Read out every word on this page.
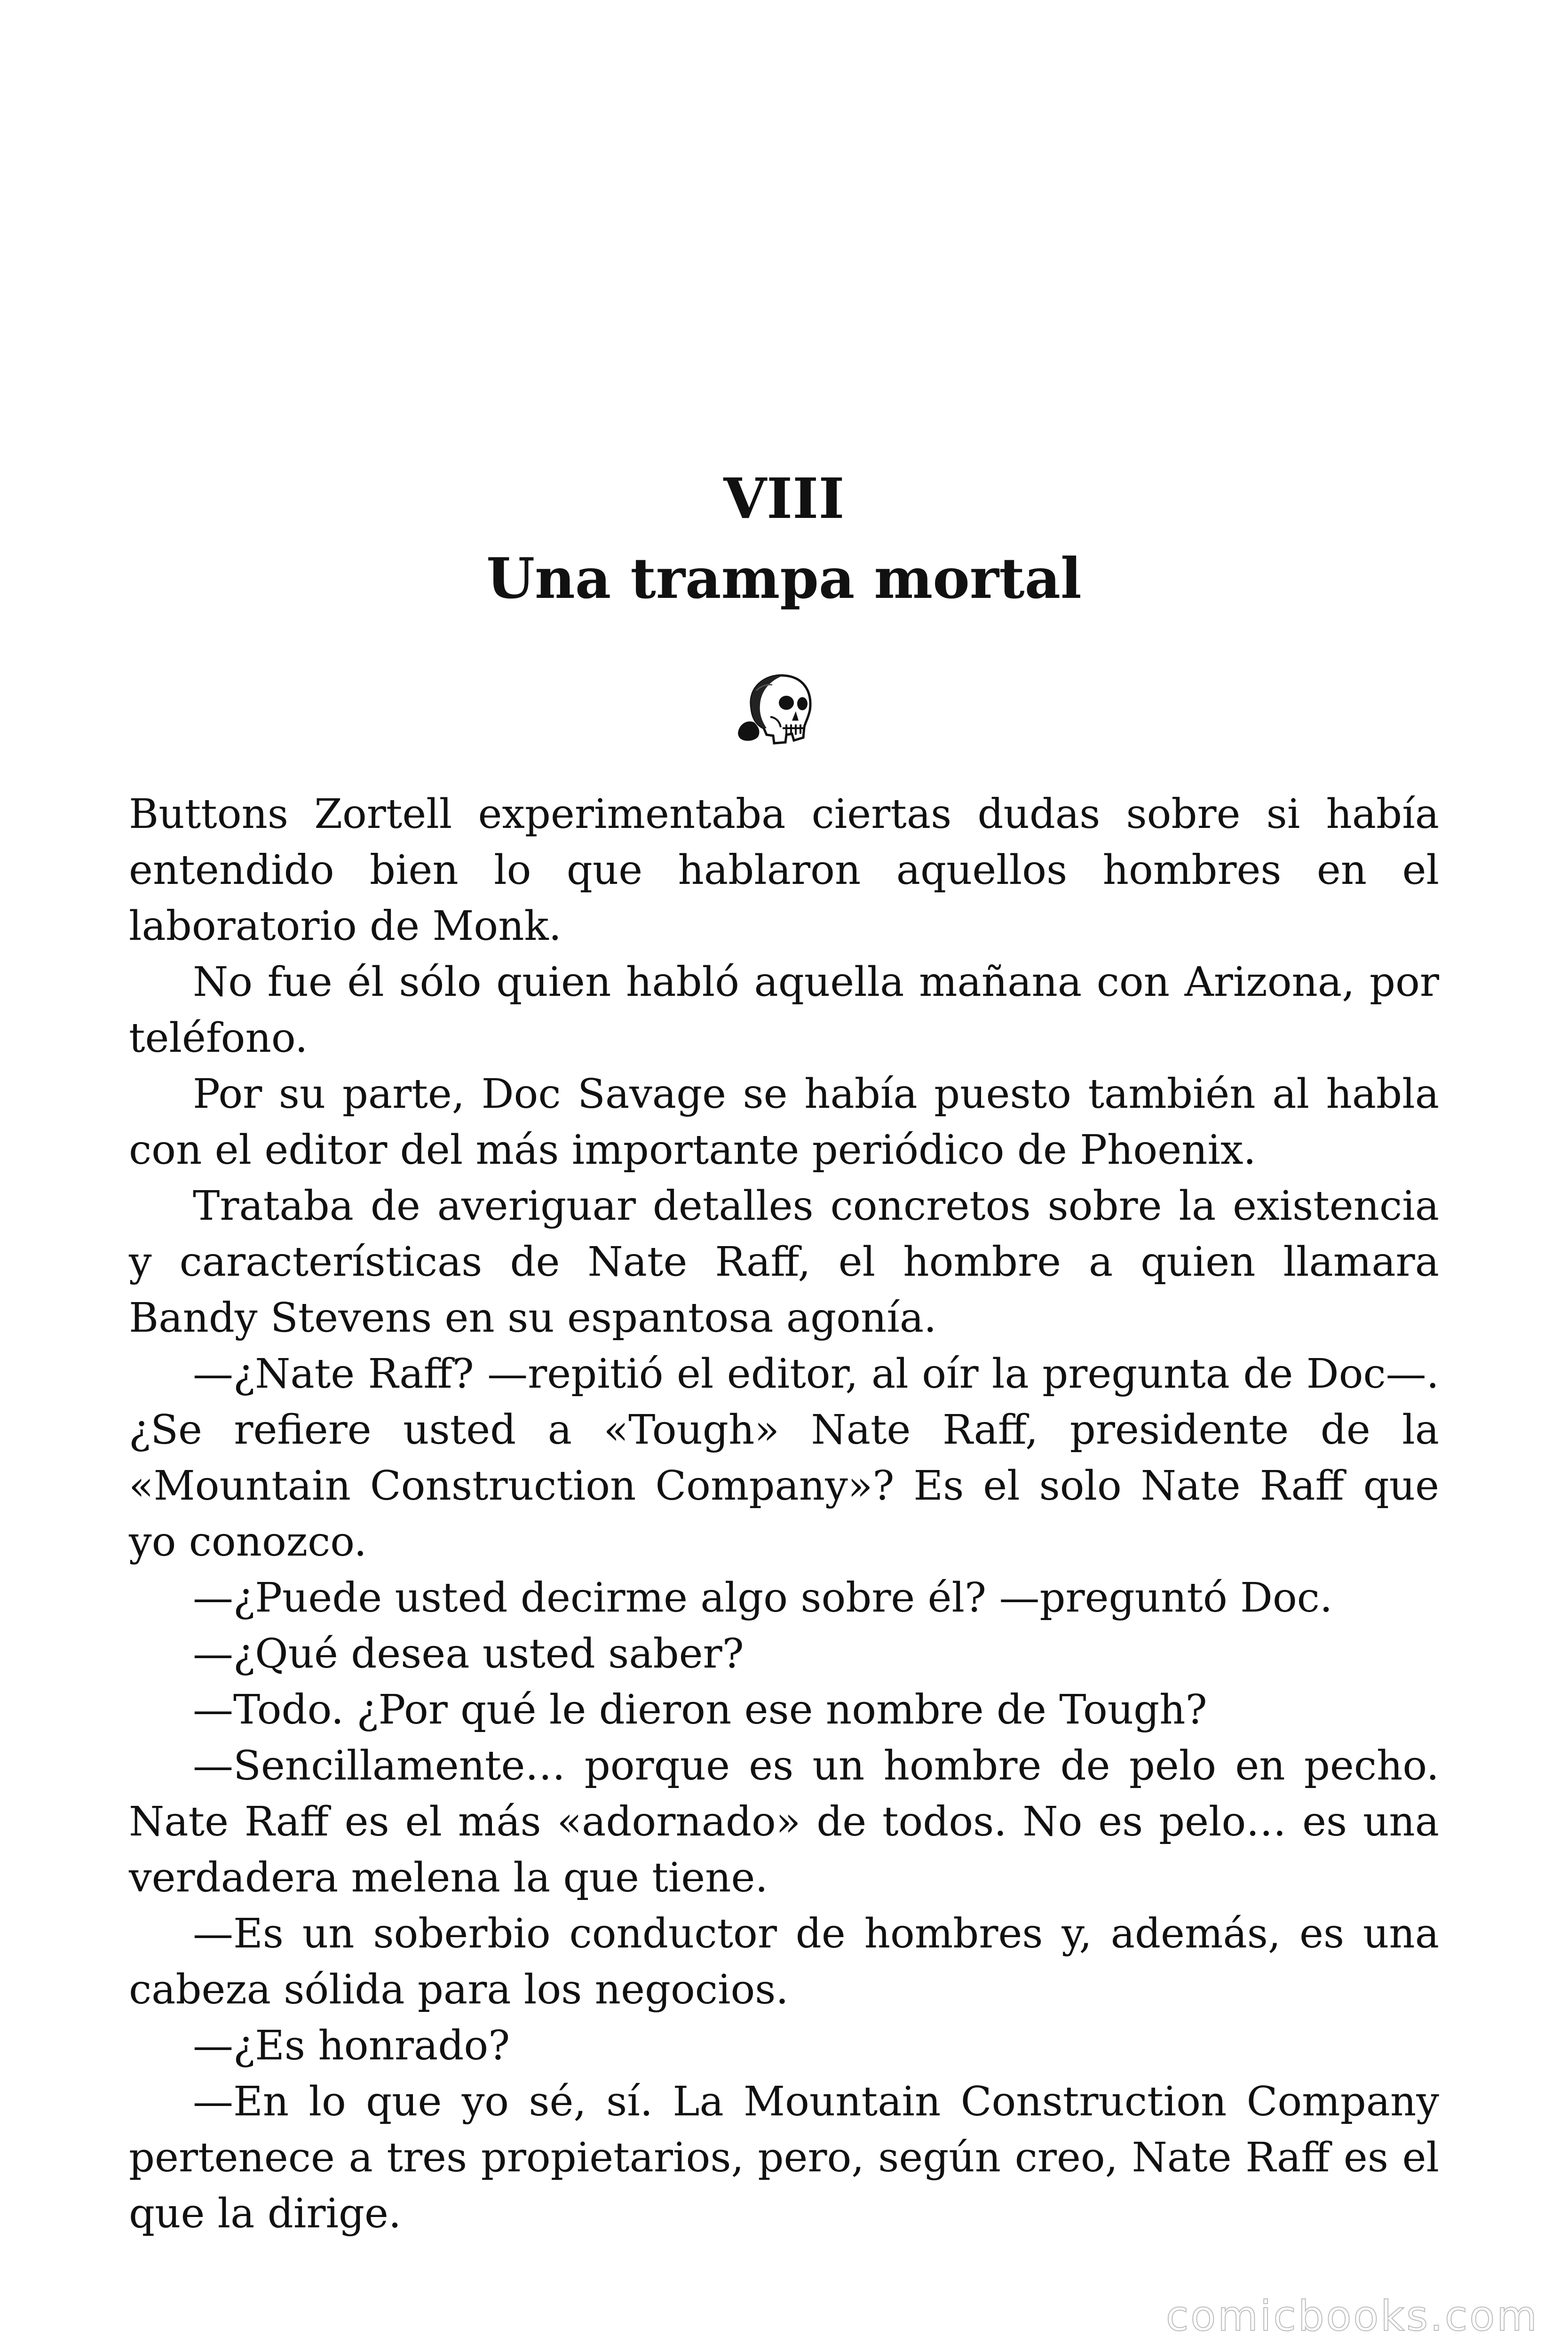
VIII
Una trampa mortal

Buttons Zortell experimentaba ciertas dudas sobre si había entendido bien lo que hablaron aquellos hombres en el laboratorio de Monk.

No fue él sólo quien habló aquella mañana con Arizona, por teléfono.

Por su parte, Doc Savage se había puesto también al habla con el editor del más importante periódico de Phoenix.

Trataba de averiguar detalles concretos sobre la existencia y características de Nate Raff, el hombre a quien llamara Bandy Stevens en su espantosa agonía.

—¿Nate Raff? —repitió el editor, al oír la pregunta de Doc—. ¿Se refiere usted a «Tough» Nate Raff, presidente de la «Mountain Construction Company»? Es el solo Nate Raff que yo conozco.

—¿Puede usted decirme algo sobre él? —preguntó Doc.

—¿Qué desea usted saber?

—Todo. ¿Por qué le dieron ese nombre de Tough?

—Sencillamente… porque es un hombre de pelo en pecho. Nate Raff es el más «adornado» de todos. No es pelo… es una verdadera melena la que tiene.

—Es un soberbio conductor de hombres y, además, es una cabeza sólida para los negocios.

—¿Es honrado?

—En lo que yo sé, sí. La Mountain Construction Company pertenece a tres propietarios, pero, según creo, Nate Raff es el que la dirige.

comicbooks.com
